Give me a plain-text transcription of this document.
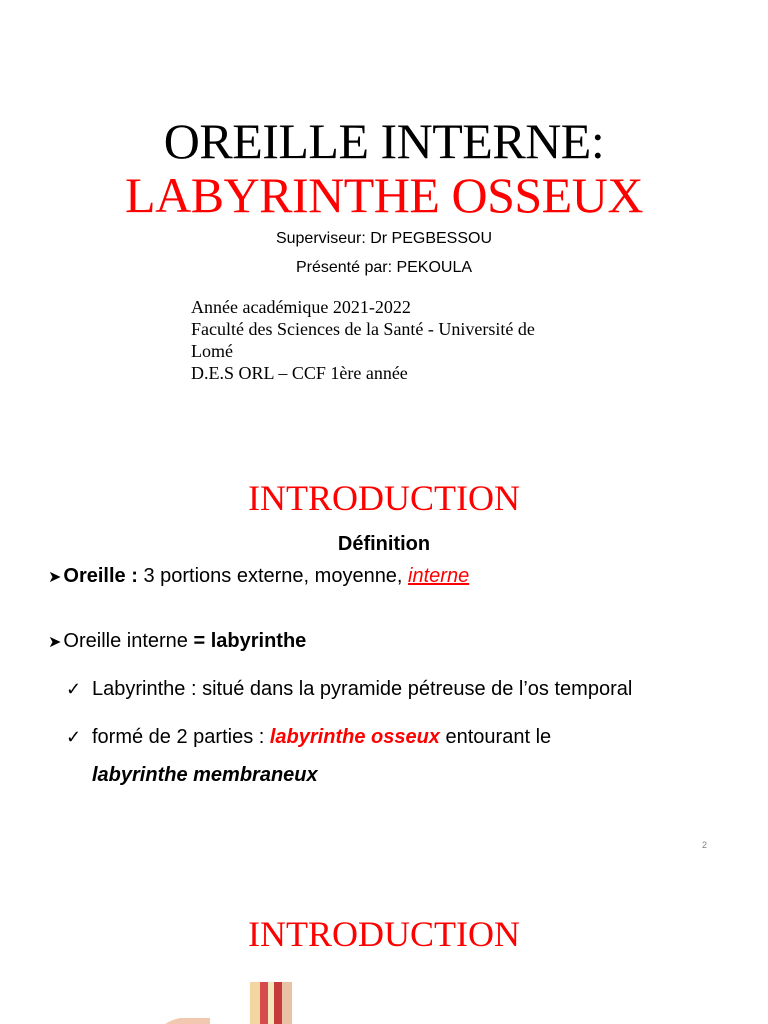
OREILLE INTERNE:
LABYRINTHE OSSEUX
Superviseur: Dr PEGBESSOU
Présenté par: PEKOULA
Année académique 2021-2022
Faculté des Sciences de la Santé - Université de
Lomé
D.E.S ORL – CCF 1ère année
INTRODUCTION
Définition
➤ Oreille : 3 portions externe, moyenne, interne
➤ Oreille interne = labyrinthe
✓ Labyrinthe : situé dans la pyramide pétreuse de l’os temporal
✓ formé de 2 parties : labyrinthe osseux entourant le
labyrinthe membraneux
2
INTRODUCTION
